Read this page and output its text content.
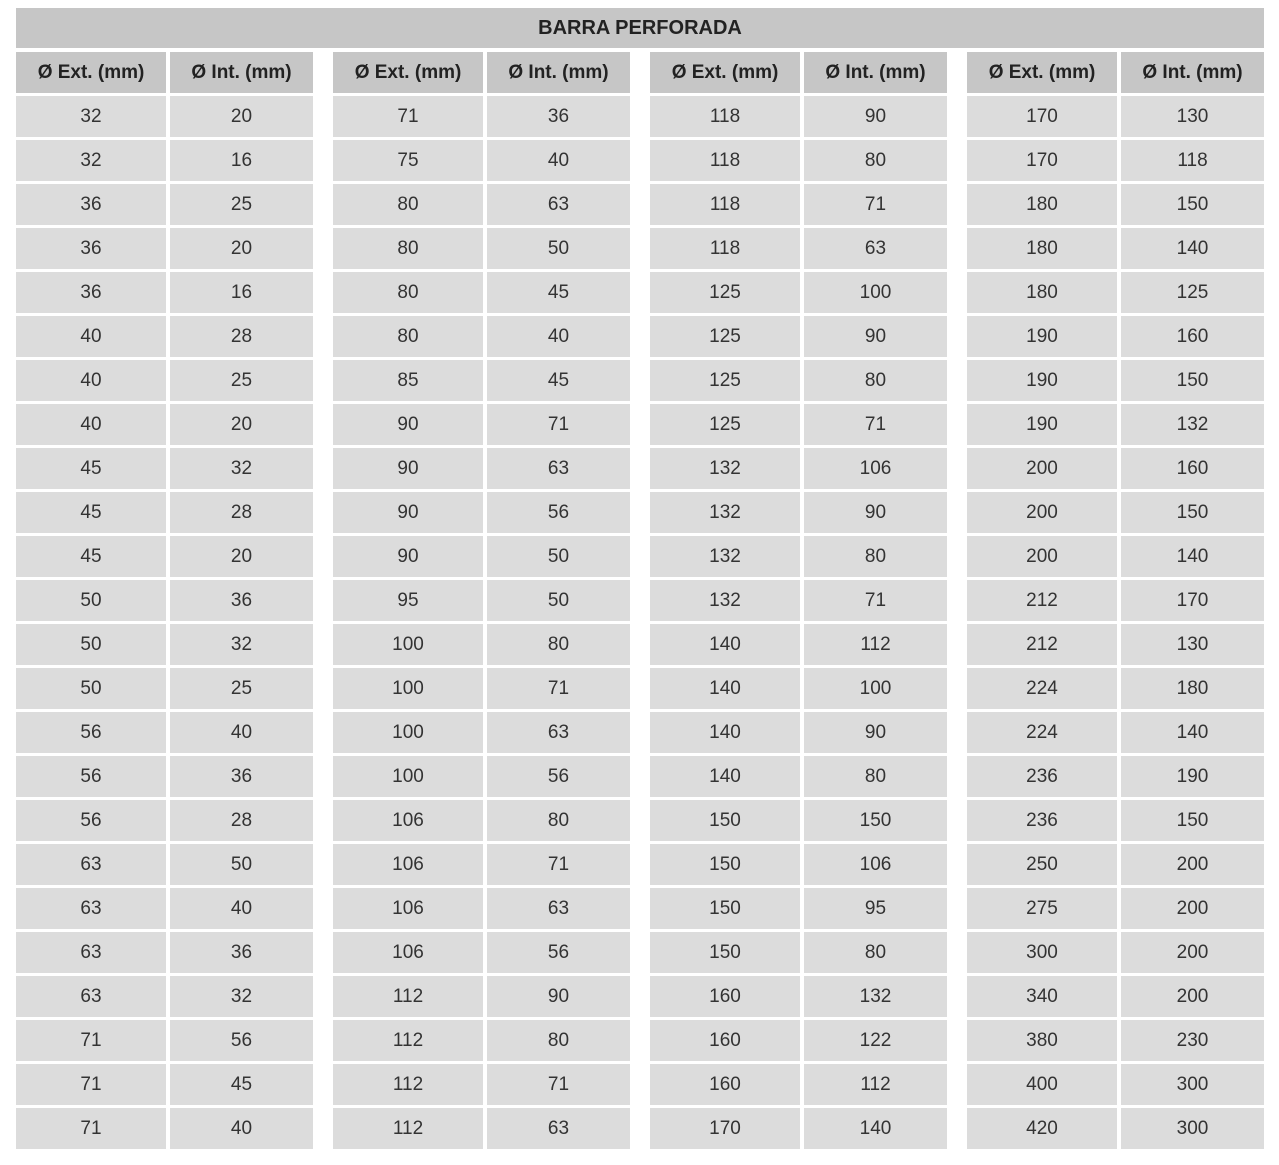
BARRA PERFORADA
Ø Ext. (mm)	Ø Int. (mm)
32	20
32	16
36	25
36	20
36	16
40	28
40	25
40	20
45	32
45	28
45	20
50	36
50	32
50	25
56	40
56	36
56	28
63	50
63	40
63	36
63	32
71	56
71	45
71	40
Ø Ext. (mm)	Ø Int. (mm)
71	36
75	40
80	63
80	50
80	45
80	40
85	45
90	71
90	63
90	56
90	50
95	50
100	80
100	71
100	63
100	56
106	80
106	71
106	63
106	56
112	90
112	80
112	71
112	63
Ø Ext. (mm)	Ø Int. (mm)
118	90
118	80
118	71
118	63
125	100
125	90
125	80
125	71
132	106
132	90
132	80
132	71
140	112
140	100
140	90
140	80
150	150
150	106
150	95
150	80
160	132
160	122
160	112
170	140
Ø Ext. (mm)	Ø Int. (mm)
170	130
170	118
180	150
180	140
180	125
190	160
190	150
190	132
200	160
200	150
200	140
212	170
212	130
224	180
224	140
236	190
236	150
250	200
275	200
300	200
340	200
380	230
400	300
420	300
